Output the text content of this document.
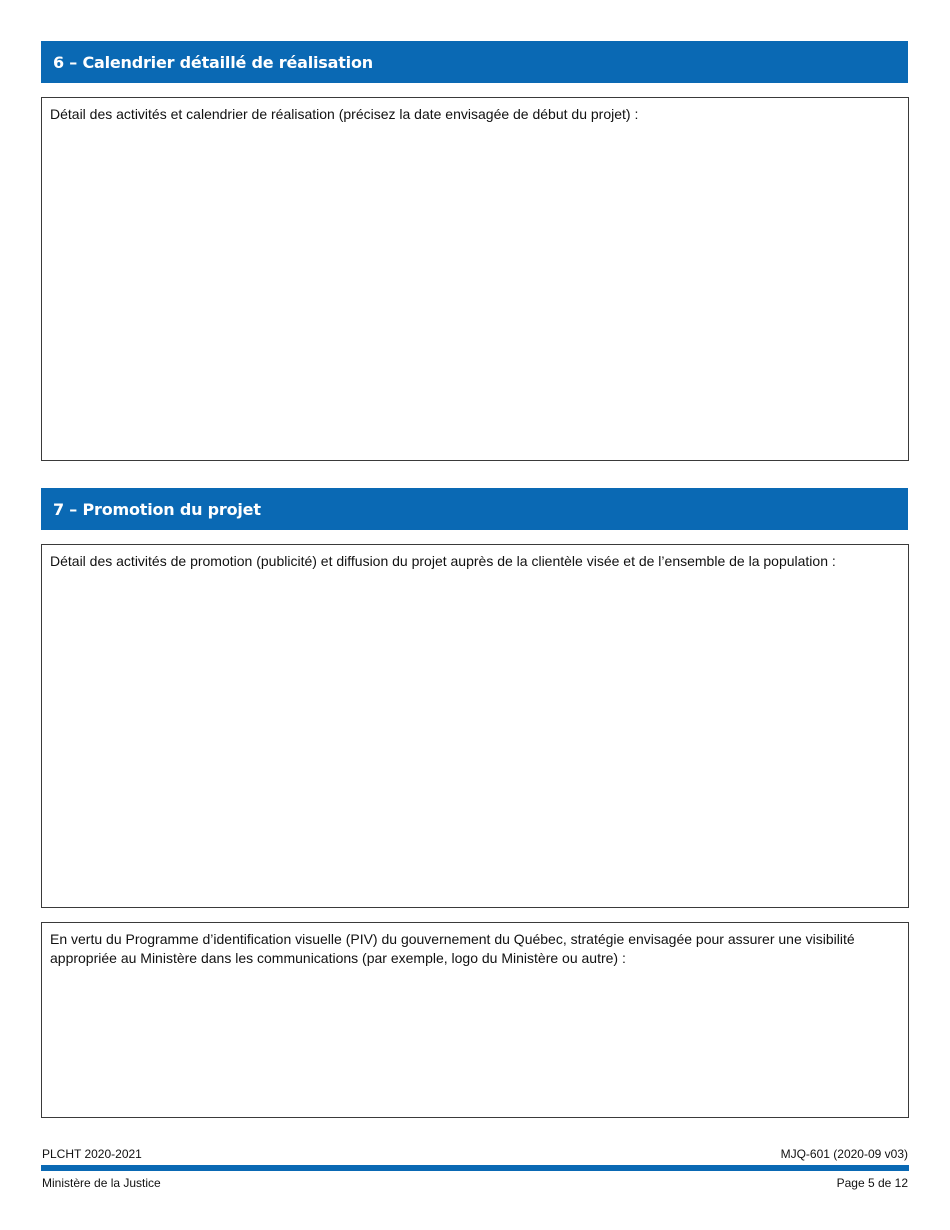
6 – Calendrier détaillé de réalisation
Détail des activités et calendrier de réalisation (précisez la date envisagée de début du projet) :
7 – Promotion du projet
Détail des activités de promotion (publicité) et diffusion du projet auprès de la clientèle visée et de l’ensemble de la population :
En vertu du Programme d’identification visuelle (PIV) du gouvernement du Québec, stratégie envisagée pour assurer une visibilité appropriée au Ministère dans les communications (par exemple, logo du Ministère ou autre) :
PLCHT 2020-2021	MJQ-601 (2020-09 v03)
Ministère de la Justice	Page 5 de 12
